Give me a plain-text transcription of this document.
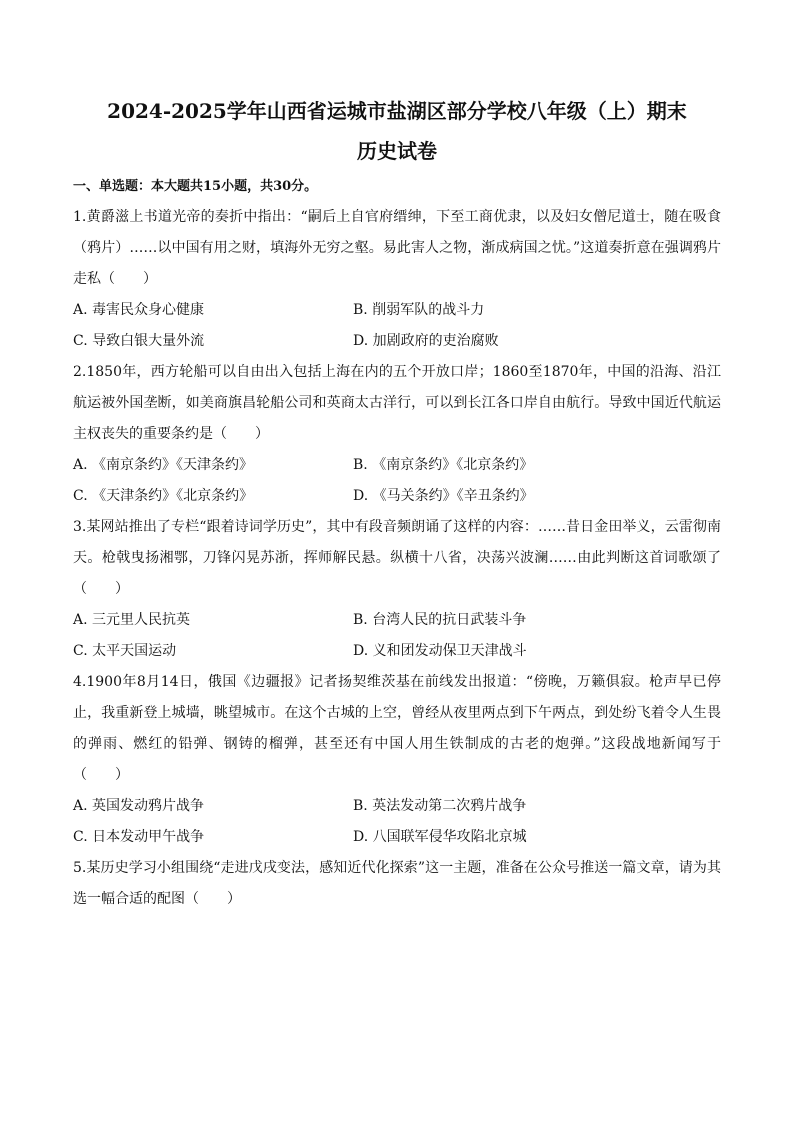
2024-2025学年山西省运城市盐湖区部分学校八年级（上）期末
历史试卷
一、单选题：本大题共15小题，共30分。
1.黄爵滋上书道光帝的奏折中指出：“嗣后上自官府缙绅，下至工商优隶，以及妇女僧尼道士，随在吸食（鸦片）……以中国有用之财，填海外无穷之壑。易此害人之物，渐成病国之忧。”这道奏折意在强调鸦片走私（　　）
A. 毒害民众身心健康	B. 削弱军队的战斗力
C. 导致白银大量外流	D. 加剧政府的吏治腐败
2.1850年，西方轮船可以自由出入包括上海在内的五个开放口岸；1860至1870年，中国的沿海、沿江航运被外国垄断，如美商旗昌轮船公司和英商太古洋行，可以到长江各口岸自由航行。导致中国近代航运主权丧失的重要条约是（　　）
A. 《南京条约》《天津条约》	B. 《南京条约》《北京条约》
C. 《天津条约》《北京条约》	D. 《马关条约》《辛丑条约》
3.某网站推出了专栏“跟着诗词学历史”，其中有段音频朗诵了这样的内容：……昔日金田举义，云雷彻南天。枪戟曳扬湘鄂，刀锋闪晃苏浙，挥师解民悬。纵横十八省，决荡兴波澜……由此判断这首词歌颂了（　　）
A. 三元里人民抗英	B. 台湾人民的抗日武装斗争
C. 太平天国运动	D. 义和团发动保卫天津战斗
4.1900年8月14日，俄国《边疆报》记者扬契维茨基在前线发出报道：“傍晚，万籁俱寂。枪声早已停止，我重新登上城墙，眺望城市。在这个古城的上空，曾经从夜里两点到下午两点，到处纷飞着令人生畏的弹雨、燃红的铅弹、钢铸的榴弹，甚至还有中国人用生铁制成的古老的炮弹。”这段战地新闻写于（　　）
A. 英国发动鸦片战争	B. 英法发动第二次鸦片战争
C. 日本发动甲午战争	D. 八国联军侵华攻陷北京城
5.某历史学习小组围绕“走进戊戌变法，感知近代化探索”这一主题，准备在公众号推送一篇文章，请为其选一幅合适的配图（　　）
